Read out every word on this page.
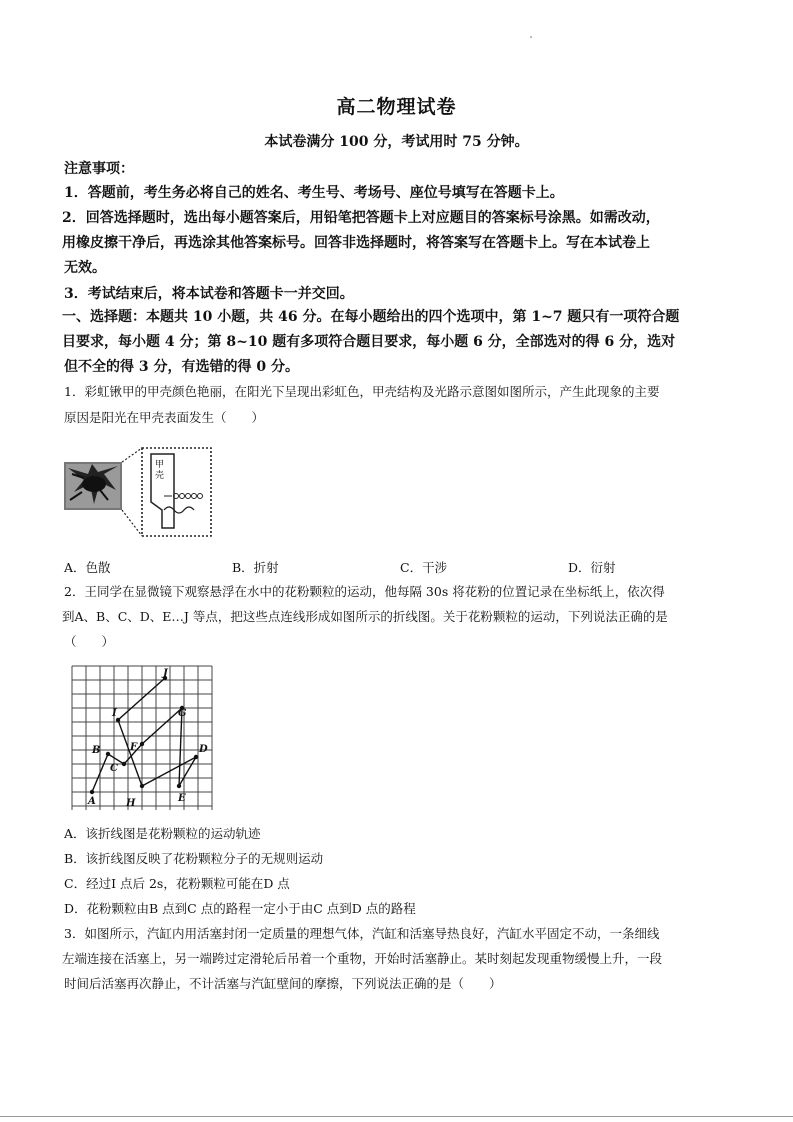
高二物理试卷
本试卷满分 100 分，考试用时 75 分钟。
注意事项：
1．答题前，考生务必将自己的姓名、考生号、考场号、座位号填写在答题卡上。
2．回答选择题时，选出每小题答案后，用铅笔把答题卡上对应题目的答案标号涂黑。如需改动，
用橡皮擦干净后，再选涂其他答案标号。回答非选择题时，将答案写在答题卡上。写在本试卷上
无效。
3．考试结束后，将本试卷和答题卡一并交回。
一、选择题：本题共 10 小题，共 46 分。在每小题给出的四个选项中，第 1~7 题只有一项符合题
目要求，每小题 4 分；第 8~10 题有多项符合题目要求，每小题 6 分，全部选对的得 6 分，选对
但不全的得 3 分，有选错的得 0 分。
1．彩虹锹甲的甲壳颜色艳丽，在阳光下呈现出彩虹色，甲壳结构及光路示意图如图所示，产生此现象的主要
原因是阳光在甲壳表面发生（　　）
甲
壳
A．色散	B．折射	C．干涉	D．衍射
2．王同学在显微镜下观察悬浮在水中的花粉颗粒的运动，他每隔 30s 将花粉的位置记录在坐标纸上，依次得
到A、B、C、D、E…J 等点，把这些点连线形成如图所示的折线图。关于花粉颗粒的运动，下列说法正确的是
（　　）
A
B
C
D
E
F
G
H
I
J
A．该折线图是花粉颗粒的运动轨迹
B．该折线图反映了花粉颗粒分子的无规则运动
C．经过I 点后 2s，花粉颗粒可能在D 点
D．花粉颗粒由B 点到C 点的路程一定小于由C 点到D 点的路程
3．如图所示，汽缸内用活塞封闭一定质量的理想气体，汽缸和活塞导热良好，汽缸水平固定不动，一条细线
左端连接在活塞上，另一端跨过定滑轮后吊着一个重物，开始时活塞静止。某时刻起发现重物缓慢上升，一段
时间后活塞再次静止，不计活塞与汽缸壁间的摩擦，下列说法正确的是（　　）
